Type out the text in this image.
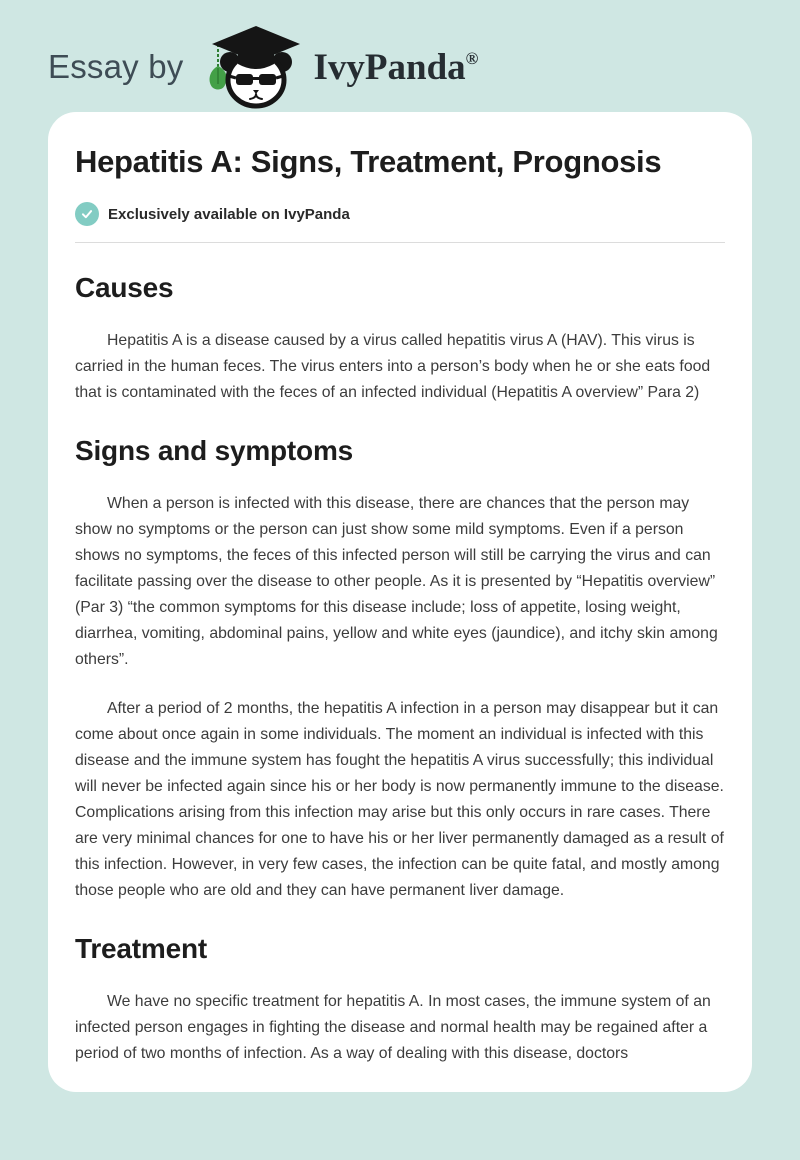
Essay by	IvyPanda®
Hepatitis A: Signs, Treatment, Prognosis
Exclusively available on IvyPanda
Causes

Hepatitis A is a disease caused by a virus called hepatitis virus A (HAV). This virus is carried in the human feces. The virus enters into a person’s body when he or she eats food that is contaminated with the feces of an infected individual (Hepatitis A overview” Para 2)

Signs and symptoms

When a person is infected with this disease, there are chances that the person may show no symptoms or the person can just show some mild symptoms. Even if a person shows no symptoms, the feces of this infected person will still be carrying the virus and can facilitate passing over the disease to other people. As it is presented by “Hepatitis overview” (Par 3) “the common symptoms for this disease include; loss of appetite, losing weight, diarrhea, vomiting, abdominal pains, yellow and white eyes (jaundice), and itchy skin among others”.

After a period of 2 months, the hepatitis A infection in a person may disappear but it can come about once again in some individuals. The moment an individual is infected with this disease and the immune system has fought the hepatitis A virus successfully; this individual will never be infected again since his or her body is now permanently immune to the disease. Complications arising from this infection may arise but this only occurs in rare cases. There are very minimal chances for one to have his or her liver permanently damaged as a result of this infection. However, in very few cases, the infection can be quite fatal, and mostly among those people who are old and they can have permanent liver damage.

Treatment

We have no specific treatment for hepatitis A. In most cases, the immune system of an infected person engages in fighting the disease and normal health may be regained after a period of two months of infection. As a way of dealing with this disease, doctors
